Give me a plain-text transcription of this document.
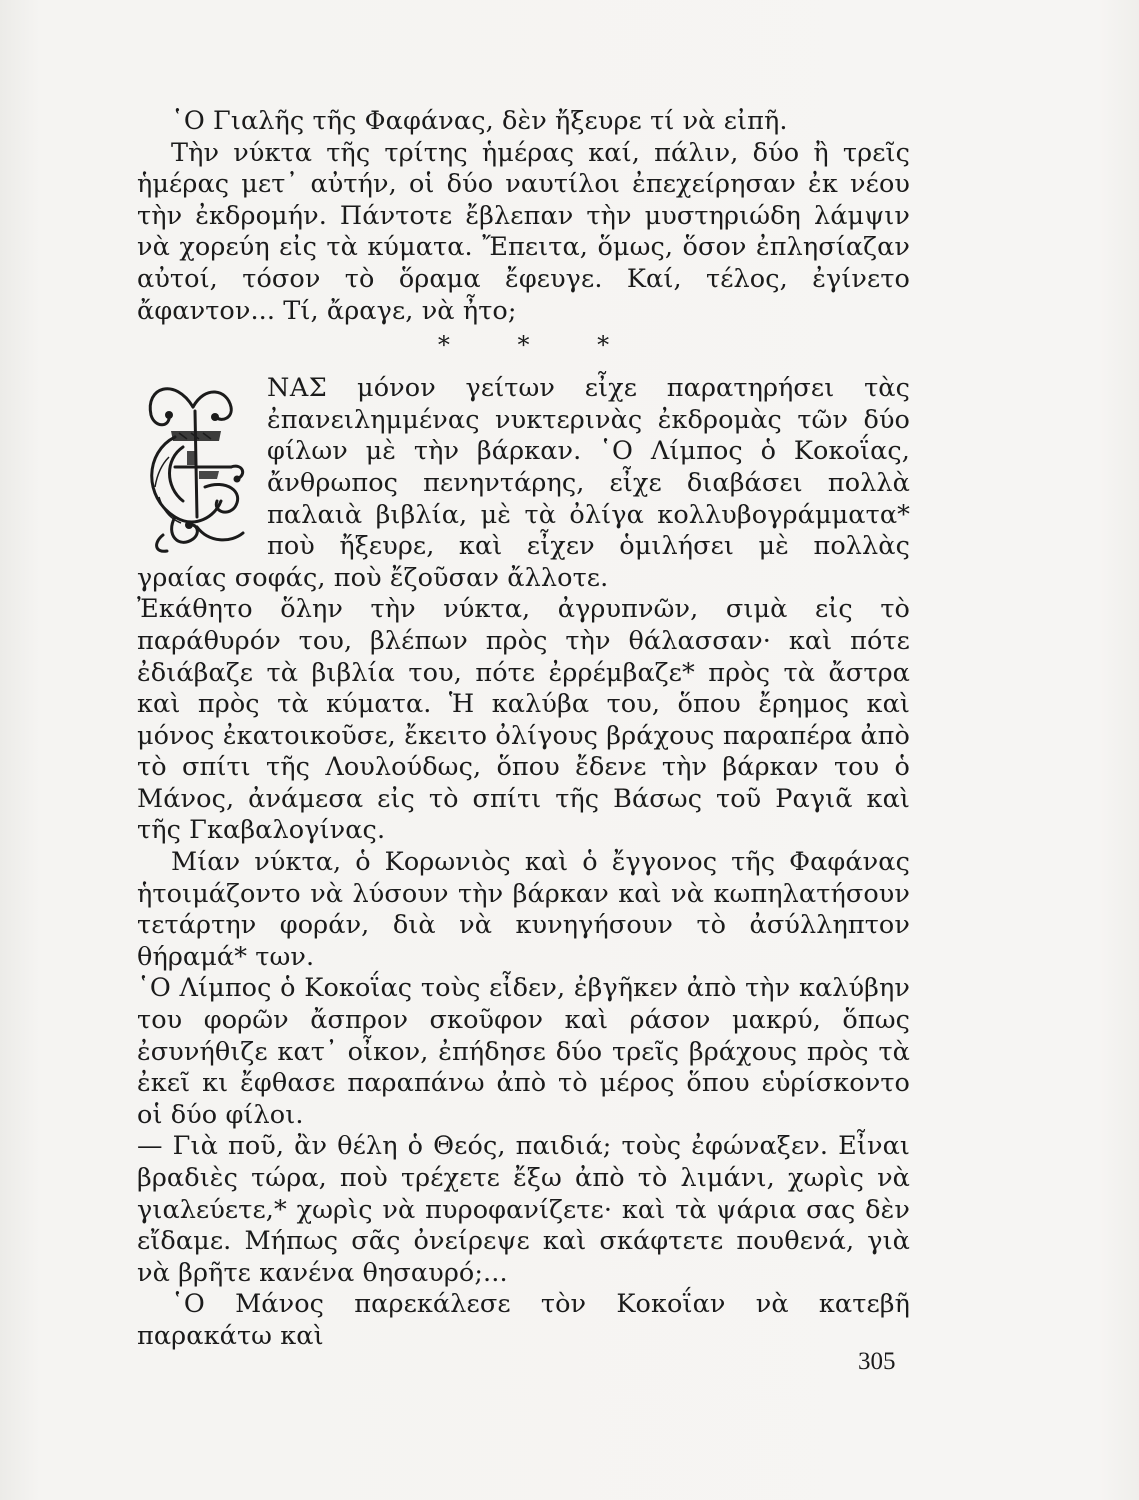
῾Ο Γιαλῆς τῆς Φαφάνας, δὲν ἤξευρε τί νὰ εἰπῆ.

Τὴν νύκτα τῆς τρίτης ἡμέρας καί, πάλιν, δύο ἢ τρεῖς ἡμέρας μετ᾽ αὐτήν, οἱ δύο ναυτίλοι ἐπεχείρησαν ἐκ νέου τὴν ἐκδρομήν. Πάντοτε ἔβλεπαν τὴν μυστηριώδη λάμψιν νὰ χορεύη εἰς τὰ κύματα. Ἔπειτα, ὅμως, ὅσον ἐπλησίαζαν αὐτοί, τόσον τὸ ὅραμα ἔφευγε. Καί, τέλος, ἐγίνετο ἄφαντον... Τί, ἄραγε, νὰ ἦτο;

* * *

ΝΑΣ μόνον γείτων εἶχε παρατηρήσει τὰς ἐπανειλημμένας νυκτερινὰς ἐκδρομὰς τῶν δύο φίλων μὲ τὴν βάρκαν. ῾Ο Λίμπος ὁ Κοκοΐας, ἄνθρωπος πενηντάρης, εἶχε διαβάσει πολλὰ παλαιὰ βιβλία, μὲ τὰ ὀλίγα κολλυβογράμματα* ποὺ ἤξευρε, καὶ εἶχεν ὁμιλήσει μὲ πολλὰς γραίας σοφάς, ποὺ ἔζοῦσαν ἄλλοτε.

Ἐκάθητο ὅλην τὴν νύκτα, ἀγρυπνῶν, σιμὰ εἰς τὸ παράθυρόν του, βλέπων πρὸς τὴν θάλασσαν· καὶ πότε ἐδιάβαζε τὰ βιβλία του, πότε ἐρρέμβαζε* πρὸς τὰ ἄστρα καὶ πρὸς τὰ κύματα. Ἡ καλύβα του, ὅπου ἔρημος καὶ μόνος ἐκατοικοῦσε, ἔκειτο ὀλίγους βράχους παραπέρα ἀπὸ τὸ σπίτι τῆς Λουλούδως, ὅπου ἔδενε τὴν βάρκαν του ὁ Μάνος, ἀνάμεσα εἰς τὸ σπίτι τῆς Βάσως τοῦ Ραγιᾶ καὶ τῆς Γκαβαλογίνας.

Μίαν νύκτα, ὁ Κορωνιὸς καὶ ὁ ἔγγονος τῆς Φαφάνας ἡτοιμάζοντο νὰ λύσουν τὴν βάρκαν καὶ νὰ κωπηλατήσουν τετάρτην φοράν, διὰ νὰ κυνηγήσουν τὸ ἀσύλληπτον θήραμά* των.

῾Ο Λίμπος ὁ Κοκοΐας τοὺς εἶδεν, ἐβγῆκεν ἀπὸ τὴν καλύβην του φορῶν ἄσπρον σκοῦφον καὶ ράσον μακρύ, ὅπως ἐσυνήθιζε κατ᾽ οἶκον, ἐπήδησε δύο τρεῖς βράχους πρὸς τὰ ἐκεῖ κι ἔφθασε παραπάνω ἀπὸ τὸ μέρος ὅπου εὑρίσκοντο οἱ δύο φίλοι.

— Γιὰ ποῦ, ἂν θέλη ὁ Θεός, παιδιά; τοὺς ἐφώναξεν. Εἶναι βραδιὲς τώρα, ποὺ τρέχετε ἔξω ἀπὸ τὸ λιμάνι, χωρὶς νὰ γιαλεύετε,* χωρὶς νὰ πυροφανίζετε· καὶ τὰ ψάρια σας δὲν εἴδαμε. Μήπως σᾶς ὀνείρεψε καὶ σκάφτετε πουθενά, γιὰ νὰ βρῆτε κανένα θησαυρό;...

῾Ο Μάνος παρεκάλεσε τὸν Κοκοΐαν νὰ κατεβῆ παρακάτω καὶ

305
